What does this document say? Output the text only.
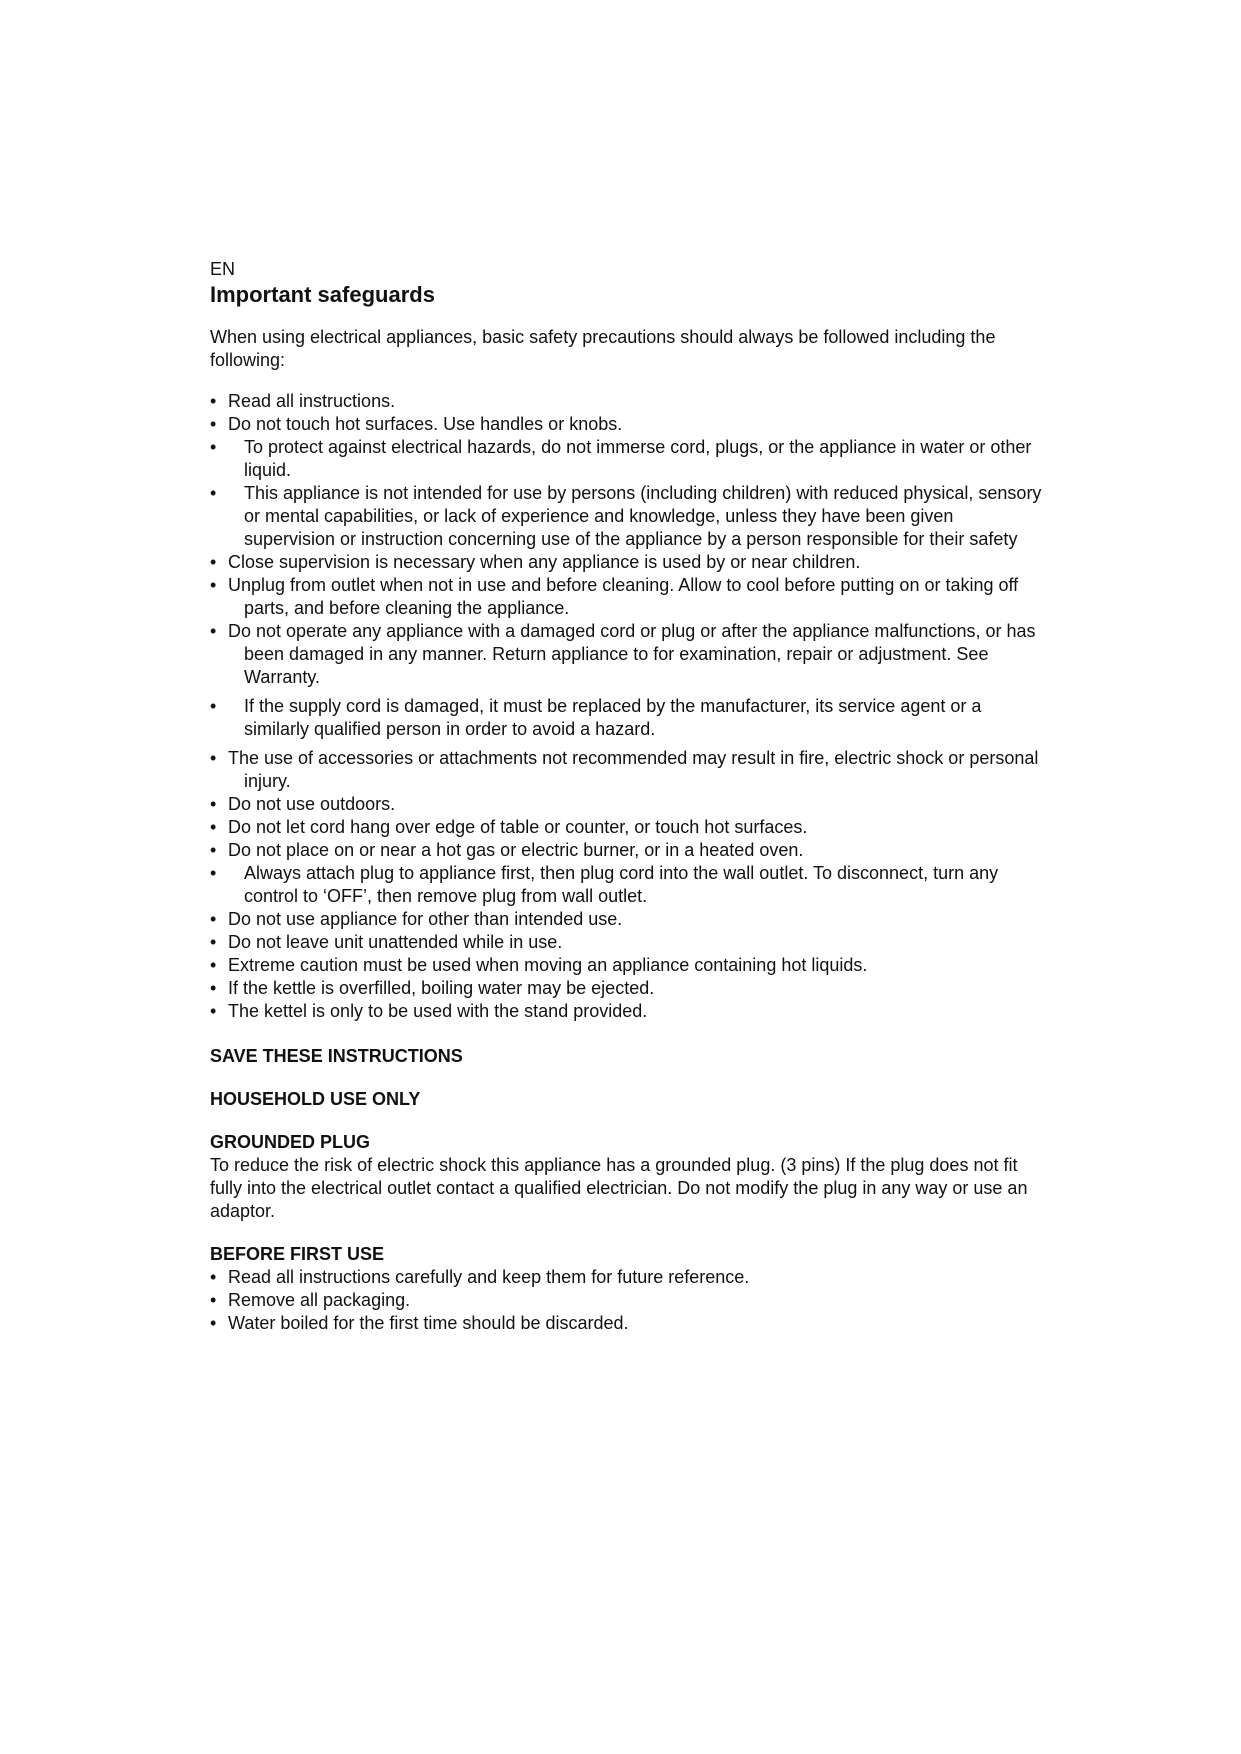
EN
Important safeguards

When using electrical appliances, basic safety precautions should always be followed including the following:

• Read all instructions.
• Do not touch hot surfaces. Use handles or knobs.
•	To protect against electrical hazards, do not immerse cord, plugs, or the appliance in water or other liquid.
•	This appliance is not intended for use by persons (including children) with reduced physical, sensory or mental capabilities, or lack of experience and knowledge, unless they have been given supervision or instruction concerning use of the appliance by a person responsible for their safety
• Close supervision is necessary when any appliance is used by or near children.
• Unplug from outlet when not in use and before cleaning. Allow to cool before putting on or taking off parts, and before cleaning the appliance.
• Do not operate any appliance with a damaged cord or plug or after the appliance malfunctions, or has been damaged in any manner. Return appliance to for examination, repair or adjustment. See Warranty.
•	If the supply cord is damaged, it must be replaced by the manufacturer, its service agent or a similarly qualified person in order to avoid a hazard.
• The use of accessories or attachments not recommended may result in fire, electric shock or personal injury.
• Do not use outdoors.
• Do not let cord hang over edge of table or counter, or touch hot surfaces.
• Do not place on or near a hot gas or electric burner, or in a heated oven.
•	Always attach plug to appliance first, then plug cord into the wall outlet. To disconnect, turn any control to ‘OFF’, then remove plug from wall outlet.
• Do not use appliance for other than intended use.
• Do not leave unit unattended while in use.
• Extreme caution must be used when moving an appliance containing hot liquids.
• If the kettle is overfilled, boiling water may be ejected.
• The kettel is only to be used with the stand provided.
SAVE THESE INSTRUCTIONS
HOUSEHOLD USE ONLY
GROUNDED PLUG

To reduce the risk of electric shock this appliance has a grounded plug. (3 pins) If the plug does not fit fully into the electrical outlet contact a qualified electrician. Do not modify the plug in any way or use an adaptor.

BEFORE FIRST USE
• Read all instructions carefully and keep them for future reference.
• Remove all packaging.
• Water boiled for the first time should be discarded.
